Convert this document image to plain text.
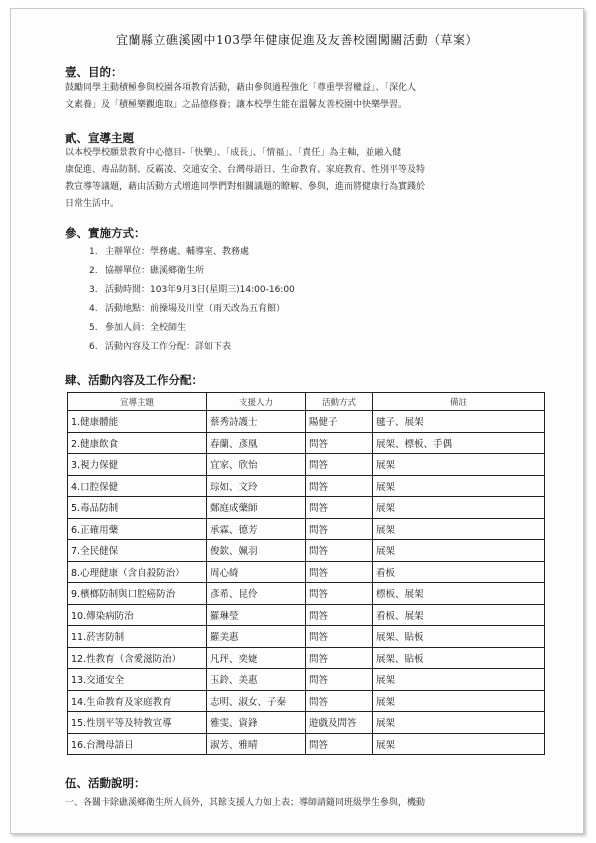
宜蘭縣立礁溪國中103學年健康促進及友善校園闖關活動（草案）
壹、目的：
鼓勵同學主動積極參與校園各項教育活動，藉由參與過程強化「尊重學習權益」、「深化人
文素養」及「積極樂觀進取」之品德修養；讓本校學生能在溫馨友善校園中快樂學習。
貳、宣導主題
以本校學校願景教育中心德目-「快樂」、「成長」、「情福」、「責任」為主軸，並融入健
康促進、毒品防制、反霸凌、交通安全、台灣母語日、生命教育、家庭教育、性別平等及特
教宣導等議題，藉由活動方式增進同學們對相關議題的瞭解、參與，進而將健康行為實踐於
日常生活中。
參、實施方式：
1. 主辦單位：學務處、輔導室、教務處
2. 協辦單位：礁溪鄉衛生所
3. 活動時間：103年9月3日(星期三)14:00-16:00
4. 活動地點：前操場及川堂（雨天改為五育館）
5. 參加人員：全校師生
6. 活動內容及工作分配：詳如下表
肆、活動內容及工作分配：
宣導主題	支援人力	活動方式	備註
1.健康體能	蔡秀詩護士	陽健子	毽子、展架
2.健康飲食	春蘭、彥凰	問答	展架、標板、手偶
3.視力保健	宜家、欣怡	問答	展架
4.口腔保健	琮如、文玲	問答	展架
5.毒品防制	鄭庭成藥師	問答	展架
6.正確用藥	承霖、德芳	問答	展架
7.全民健保	俊欽、姵羽	問答	展架
8.心理健康（含自殺防治）	周心綺	問答	看板
9.檳榔防制與口腔癌防治	彥希、昆伶	問答	標板、展架
10.傳染病防治	羅琳瑩	問答	看板、展架
11.菸害防制	羅美惠	問答	展架、貼板
12.性教育（含愛滋防治）	凡玶、奕婕	問答	展架、貼板
13.交通安全	玉鈴、美惠	問答	展架
14.生命教育及家庭教育	志明、淑女、子秦	問答	展架
15.性別平等及特教宣導	雅雯、資鋒	遊戲及問答	展架
16.台灣母語日	淑芳、雅晴	問答	展架
伍、活動說明：
一、各關卡除礁溪鄉衛生所人員外，其餘支援人力如上表；導師請隨同班級學生參與，機動
